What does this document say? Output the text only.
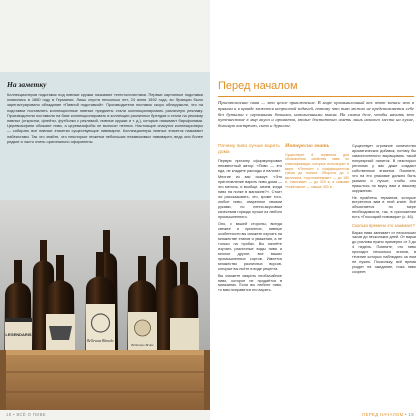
На заметку
Коллекционеров подставок под пивные кружки называют тегестологистами. Первые картонные подставки появились в 1880 году в Германии. Лишь спустя несколько лет, 24 июня 1892 года, во Франции было зарегистрировано обладание «Пивной подставкой». Производители поставок скоро обнаружили, что на подставки поставлять коллекционные пивные предметы стали коллекционировать различную рекламу. Производители поставили на базе коллекционировать в коллекции различных брендов и стали на рекламу пивных (открытки, флейты, футболки с рекламой, пивные кружки и т. д.), которые называют бирофилами. Церевизофили обожают пиво, а церевизофобы не выносят пенных. Настоящие спасутся коллекционеры — собирать все пивные этикетки существующие пивоварни. Коллекционеры пивных этикеток называют лабеистами. Так что знайте, что некоторые этикетки небольших независимых пивоварен, ведь они более редкие и часто очень оригинально оформлены.
LEGENDARIS
Bellevaux Blanche
Bellevaux Brune
18 • ВСЁ О ПИВЕ
Перед началом
Приготовление пива — это целое приключение. В мире промышленный век этот записи это в прямом и в правде кажется непростой задачей, потому что пиво можно не представляется себе без бутылки с огромными бочками, наполненными пивом. На самом деле, чтобы начать это путешествие в мир вкуса и ароматов, вполне достаточно иметь лишь немного места на кухне, большую кастрюлю, сито и дуршлаг.
Почему пиво лучше варить дома

Первую причину сформулировал неизвестный автор: «Пиво — это еда, не кладите расходы и налоги».

Многие из вас скажут: «Это приготовление варить пиво дома — это мелочь, и вообще, зачем, когда пиво на полке в магазине?». Стоит ли рассказывать, что, кроме того, любое пиво, сваренное своими руками, по пенно-вкусовым качествам гораздо лучше из любого промышленного.

Оно, с вашей стороны, всегда свежее и приятное, пивные особенности вы сможете изучать на множестве этапов и уважения, а не только на пробах. Вы начнёте изучать различные виды пива и многое другое, все ваших промышленных сортов. Имеется множество различных вкусов, которые вы пьёте в виде рецепта.

Вы сможете сварить необычайное пиво, которое не продаётся в магазинах. Если вы любите пиво, то вам понравится его варить.

Интересно знать

Существует 8 терминов для обозначения свойства пива по классификации, которые используют в мире. «Пенное» с коэффициентом тремя до тысячи. Обороты до 1 миллиона, «сусловинными» — до 180 в, «мягкими» — до 300 в, а самыми «тяжёлыми» — свыше 300 в.

Существует огромное количество ароматических добавок, потому бы самостоятельно выращивать такой популярный напиток. В некоторых регионах у вас даже создают собственные этикетки. Помните, что на его упаковке должно быть указано и лучше, чтобы оно пришлось по вкусу вам и вашему окружению.

Не пугайтесь терминов, которые встретятся вам в этой книге. Всё объясняется по мере необходимости, так, в приложении есть «Глоссарий пивовара» (с. 46).

Сколько времени это занимает?

Варка пива занимает от нескольких часов до нескольких дней. От варки до розлива нужно примерно от 3 до 4 недель. Помните, что пиво проходит несколько этапов, в течение которых наблюдать за ним не нужно. Поскольку, всё время уходит на ожидание, пока пиво созреет.

ПЕРЕД НАЧАЛОМ • 19
